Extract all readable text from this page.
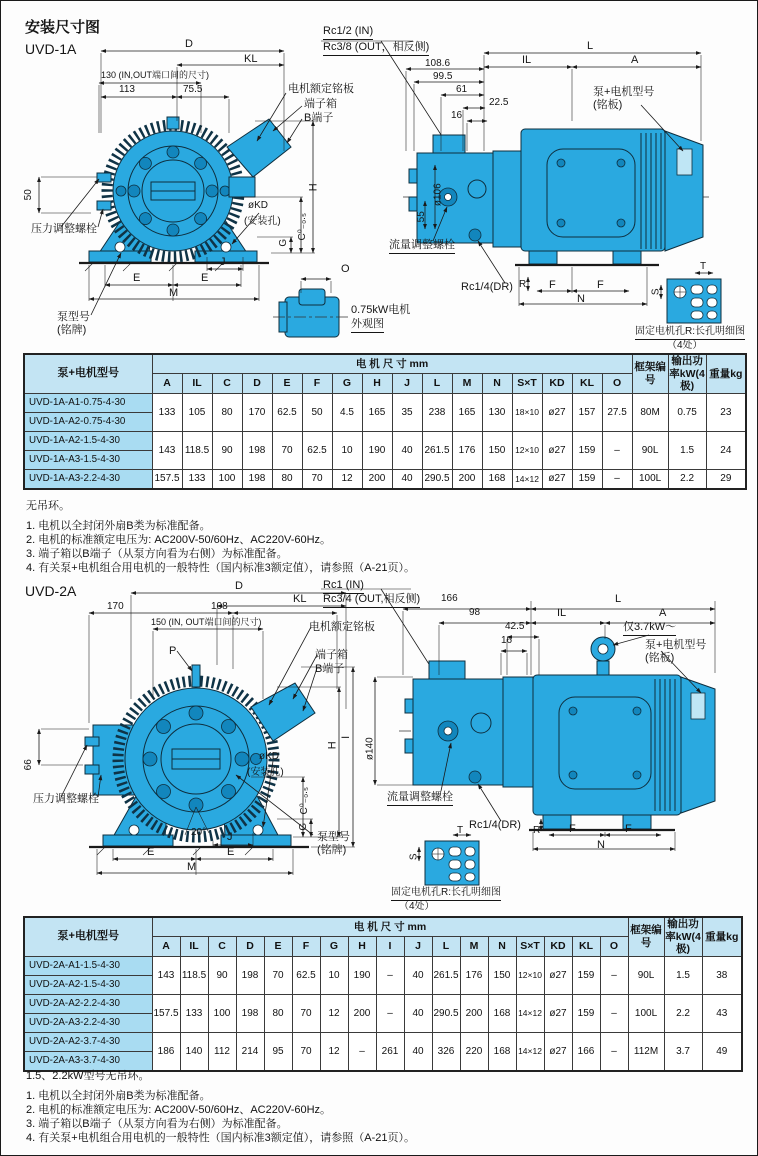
安装尺寸图
UVD-1A	D
KL
130 (IN,OUT端口间的尺寸)
113	75.5
50
Rc1/2 (IN)
Rc3/8 (OUT，相反侧)
电机额定铭板
端子箱
B端子
H
øKD
(安装孔) C⁰₋₀.₅
G
压力调整螺栓
J
E	E
M
泵型号
(铭牌)
O
0.75kW电机
外观图
108.6
99.5
61
22.5
16
L
IL	A
泵+电机型号
(铭板)
ø106
55
流量调整螺栓
Rc1/4(DR) R F	F
N
T
S
固定电机孔R:长孔明细图
（4处）
泵+电机型号	电 机 尺 寸 mm																框架编号	输出功率kW(4极)	重量kg
	A	IL	C	D	E	F	G	H	J	L	M	N	S×T	KD	KL	O			
UVD-1A-A1-0.75-4-30	133	105	80	170	62.5	50	4.5	165	35	238	165	130	18×10	ø27	157	27.5	80M	0.75	23
UVD-1A-A2-0.75-4-30																			
UVD-1A-A2-1.5-4-30	143	118.5	90	198	70	62.5	10	190	40	261.5	176	150	12×10	ø27	159	–	90L	1.5	24
UVD-1A-A3-1.5-4-30																			
UVD-1A-A3-2.2-4-30	157.5	133	100	198	80	70	12	200	40	290.5	200	168	14×12	ø27	159	–	100L	2.2	29
无吊环。
1. 电机以全封闭外扇B类为标准配备。
2. 电机的标准额定电压为: AC200V-50/60Hz、AC220V-60Hz。
3. 端子箱以B端子（从泵方向看为右侧）为标准配备。
4. 有关泵+电机组合用电机的一般特性（国内标准3额定值），请参照（A-21页）。
UVD-2A	D
KL
170	108
150 (IN, OUT端口间的尺寸)
P
Rc1 (IN)
Rc3/4 (OUT,相反侧)
电机额定铭板
端子箱
B端子
66
压力调整螺栓
øKD
(安装孔)
C⁰₋₀.₅
G
H
I
ø140
20° J
E	E
M
泵型号
(铭牌)
166
98
42.5
16
L
IL	A
仅3.7kW～
泵+电机型号
(铭板)
流量调整螺栓
Rc1/4(DR) R	F	F
N
T
S
固定电机孔R:长孔明细图
（4处）
泵+电机型号	电 机 尺 寸 mm																	框架编号	输出功率kW(4极)	重量kg
	A	IL	C	D	E	F	G	H	I	J	L	M	N	S×T	KD	KL	O			
UVD-2A-A1-1.5-4-30	143	118.5	90	198	70	62.5	10	190	–	40	261.5	176	150	12×10	ø27	159	–	90L	1.5	38
UVD-2A-A2-1.5-4-30																				
UVD-2A-A2-2.2-4-30	157.5	133	100	198	80	70	12	200	–	40	290.5	200	168	14×12	ø27	159	–	100L	2.2	43
UVD-2A-A3-2.2-4-30																				
UVD-2A-A2-3.7-4-30	186	140	112	214	95	70	12	–	261	40	326	220	168	14×12	ø27	166	–	112M	3.7	49
UVD-2A-A3-3.7-4-30																				
1.5、2.2kW型号无吊环。
1. 电机以全封闭外扇B类为标准配备。
2. 电机的标准额定电压为: AC200V-50/60Hz、AC220V-60Hz。
3. 端子箱以B端子（从泵方向看为右侧）为标准配备。
4. 有关泵+电机组合用电机的一般特性（国内标准3额定值），请参照（A-21页）。
